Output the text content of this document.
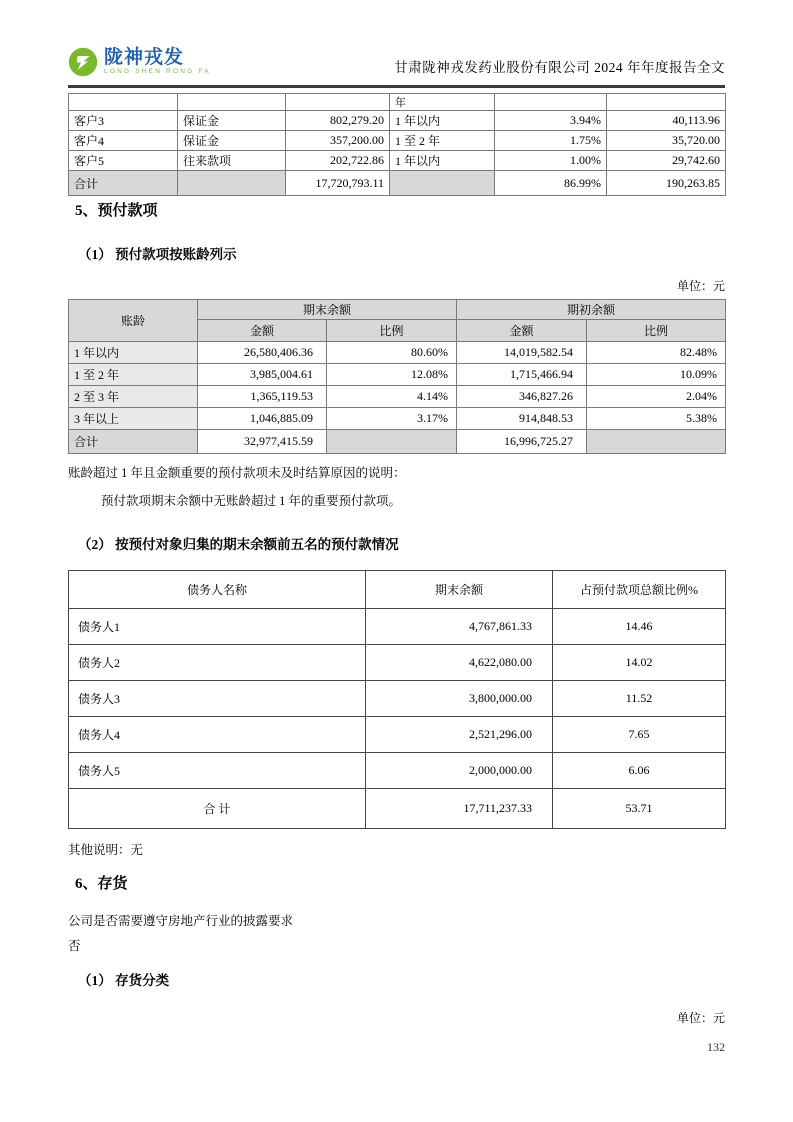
陇神戎发
LONG SHEN RONG FA	甘肃陇神戎发药业股份有限公司 2024 年年度报告全文
			年		
客户3	保证金	802,279.20	1 年以内	3.94%	40,113.96
客户4	保证金	357,200.00	1 至 2 年	1.75%	35,720.00
客户5	往来款项	202,722.86	1 年以内	1.00%	29,742.60
合计		17,720,793.11		86.99%	190,263.85
5、预付款项
（1） 预付款项按账龄列示
单位：元
账龄	期末余额		期初余额	
	金额	比例	金额	比例
1 年以内	26,580,406.36	80.60%	14,019,582.54	82.48%
1 至 2 年	3,985,004.61	12.08%	1,715,466.94	10.09%
2 至 3 年	1,365,119.53	4.14%	346,827.26	2.04%
3 年以上	1,046,885.09	3.17%	914,848.53	5.38%
合计	32,977,415.59		16,996,725.27	
账龄超过 1 年且金额重要的预付款项未及时结算原因的说明：
预付款项期末余额中无账龄超过 1 年的重要预付款项。
（2） 按预付对象归集的期末余额前五名的预付款情况
债务人名称	期末余额	占预付款项总额比例%
债务人1	4,767,861.33	14.46
债务人2	4,622,080.00	14.02
债务人3	3,800,000.00	11.52
债务人4	2,521,296.00	7.65
债务人5	2,000,000.00	6.06
合 计	17,711,237.33	53.71
其他说明：无
6、存货
公司是否需要遵守房地产行业的披露要求
否
（1） 存货分类
单位：元
132
